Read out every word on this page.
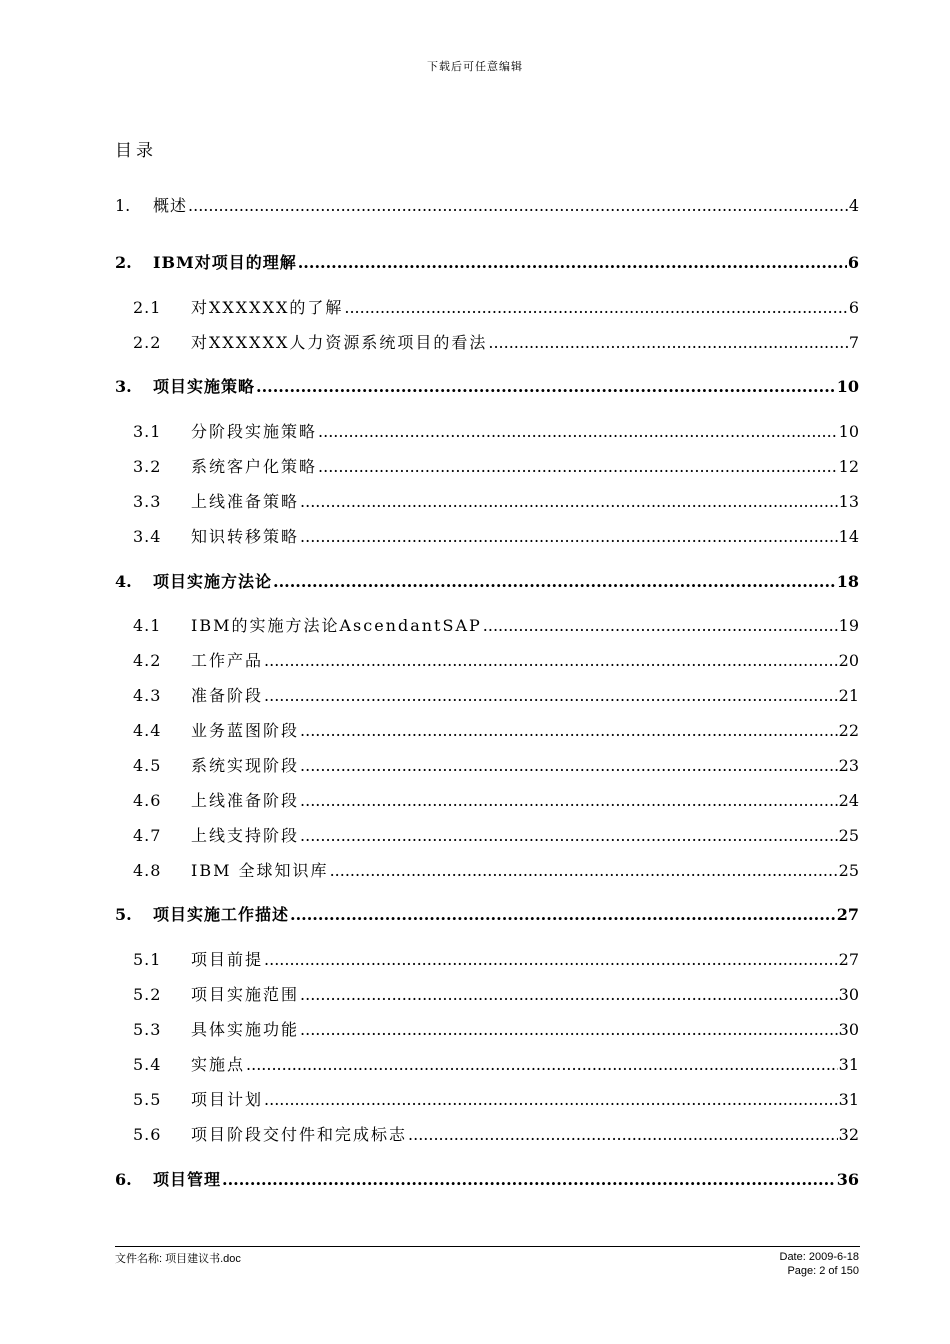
下载后可任意编辑
目录
1.	概述 .....	4
2.	IBM对项目的理解 .....	6
2.1	对XXXXXX的了解 .....	6
2.2	对XXXXXX人力资源系统项目的看法 .....	7
3.	项目实施策略 .....	10
3.1	分阶段实施策略 .....	10
3.2	系统客户化策略 .....	12
3.3	上线准备策略 .....	13
3.4	知识转移策略 .....	14
4.	项目实施方法论 .....	18
4.1	IBM的实施方法论AscendantSAP .....	19
4.2	工作产品 .....	20
4.3	准备阶段 .....	21
4.4	业务蓝图阶段 .....	22
4.5	系统实现阶段 .....	23
4.6	上线准备阶段 .....	24
4.7	上线支持阶段 .....	25
4.8	IBM 全球知识库 .....	25
5.	项目实施工作描述 .....	27
5.1	项目前提 .....	27
5.2	项目实施范围 .....	30
5.3	具体实施功能 .....	30
5.4	实施点 .....	31
5.5	项目计划 .....	31
5.6	项目阶段交付件和完成标志 .....	32
6.	项目管理 .....	36
文件名称: 项目建议书.doc	Date: 2009-6-18
Page: 2 of 150
